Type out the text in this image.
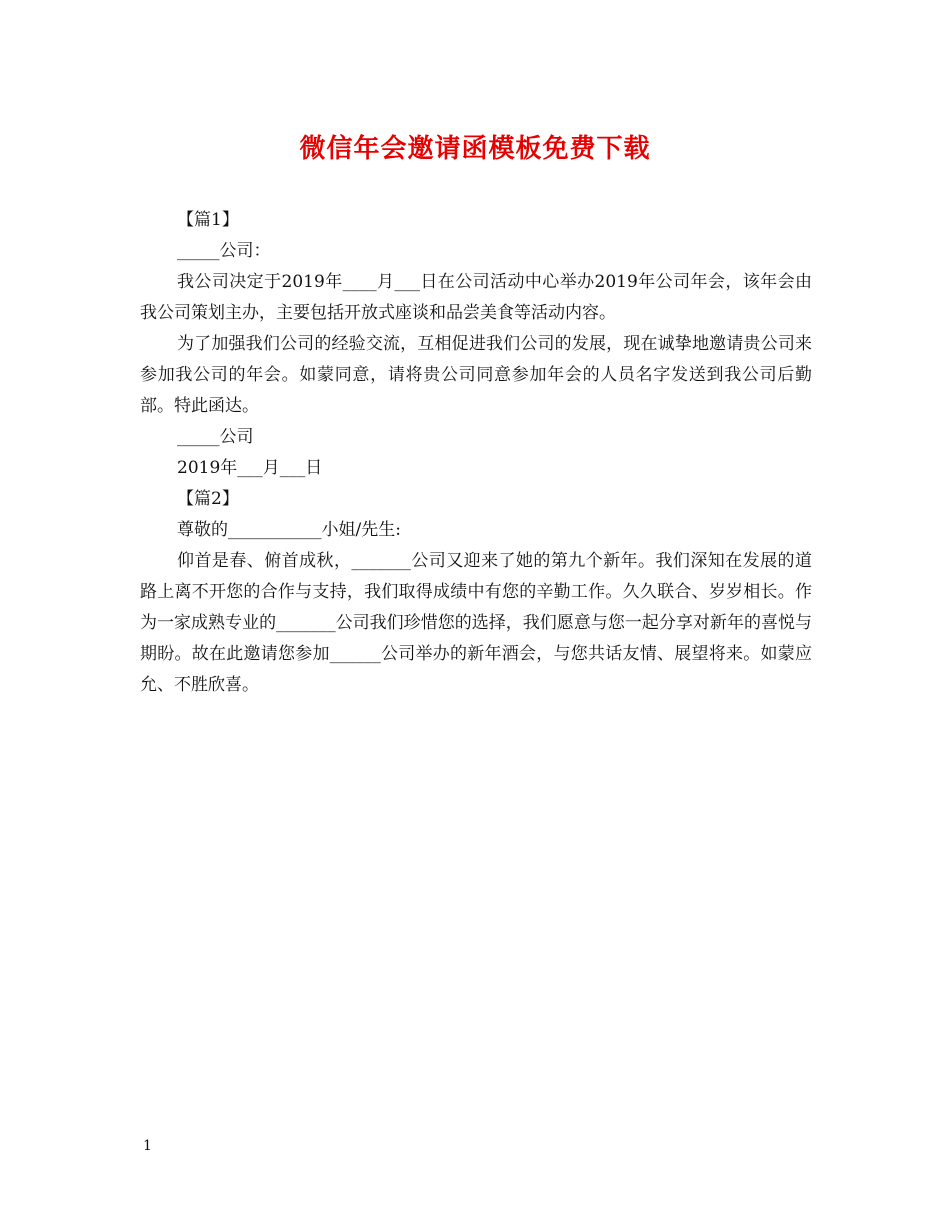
微信年会邀请函模板免费下载

【篇1】

_____公司：

我公司决定于2019年____月___日在公司活动中心举办2019年公司年会，该年会由我公司策划主办，主要包括开放式座谈和品尝美食等活动内容。

为了加强我们公司的经验交流，互相促进我们公司的发展，现在诚挚地邀请贵公司来参加我公司的年会。如蒙同意，请将贵公司同意参加年会的人员名字发送到我公司后勤部。特此函达。

_____公司

2019年___月___日

【篇2】

尊敬的___________小姐/先生:

仰首是春、俯首成秋，_______公司又迎来了她的第九个新年。我们深知在发展的道路上离不开您的合作与支持，我们取得成绩中有您的辛勤工作。久久联合、岁岁相长。作为一家成熟专业的_______公司我们珍惜您的选择，我们愿意与您一起分享对新年的喜悦与期盼。故在此邀请您参加______公司举办的新年酒会，与您共话友情、展望将来。如蒙应允、不胜欣喜。

1
